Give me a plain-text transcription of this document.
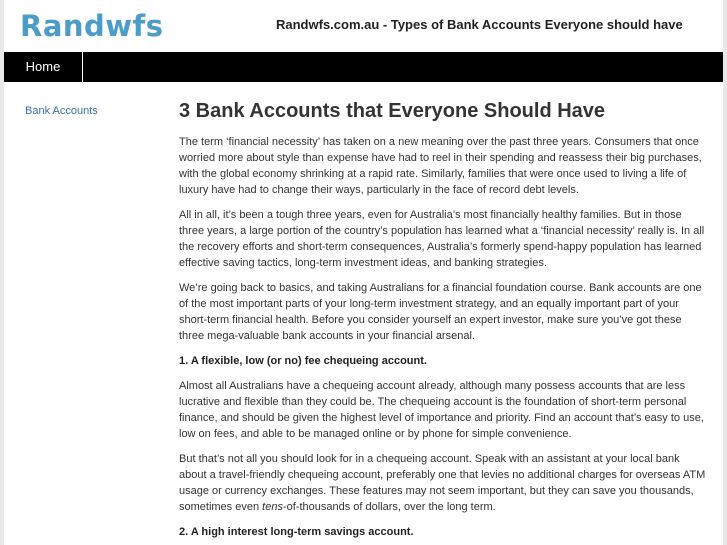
Randwfs	Randwfs.com.au - Types of Bank Accounts Everyone should have
Home
Bank Accounts	3 Bank Accounts that Everyone Should Have

The term ‘financial necessity’ has taken on a new meaning over the past three years. Consumers that once worried more about style than expense have had to reel in their spending and reassess their big purchases, with the global economy shrinking at a rapid rate. Similarly, families that were once used to living a life of luxury have had to change their ways, particularly in the face of record debt levels.

All in all, it’s been a tough three years, even for Australia’s most financially healthy families. But in those three years, a large portion of the country’s population has learned what a ‘financial necessity’ really is. In all the recovery efforts and short-term consequences, Australia’s formerly spend-happy population has learned effective saving tactics, long-term investment ideas, and banking strategies.

We’re going back to basics, and taking Australians for a financial foundation course. Bank accounts are one of the most important parts of your long-term investment strategy, and an equally important part of your short-term financial health. Before you consider yourself an expert investor, make sure you’ve got these three mega-valuable bank accounts in your financial arsenal.

1. A flexible, low (or no) fee chequeing account.

Almost all Australians have a chequeing account already, although many possess accounts that are less lucrative and flexible than they could be. The chequeing account is the foundation of short-term personal finance, and should be given the highest level of importance and priority. Find an account that’s easy to use, low on fees, and able to be managed online or by phone for simple convenience.

But that’s not all you should look for in a chequeing account. Speak with an assistant at your local bank about a travel-friendly chequeing account, preferably one that levies no additional charges for overseas ATM usage or currency exchanges. These features may not seem important, but they can save you thousands, sometimes even tens-of-thousands of dollars, over the long term.

2. A high interest long-term savings account.
